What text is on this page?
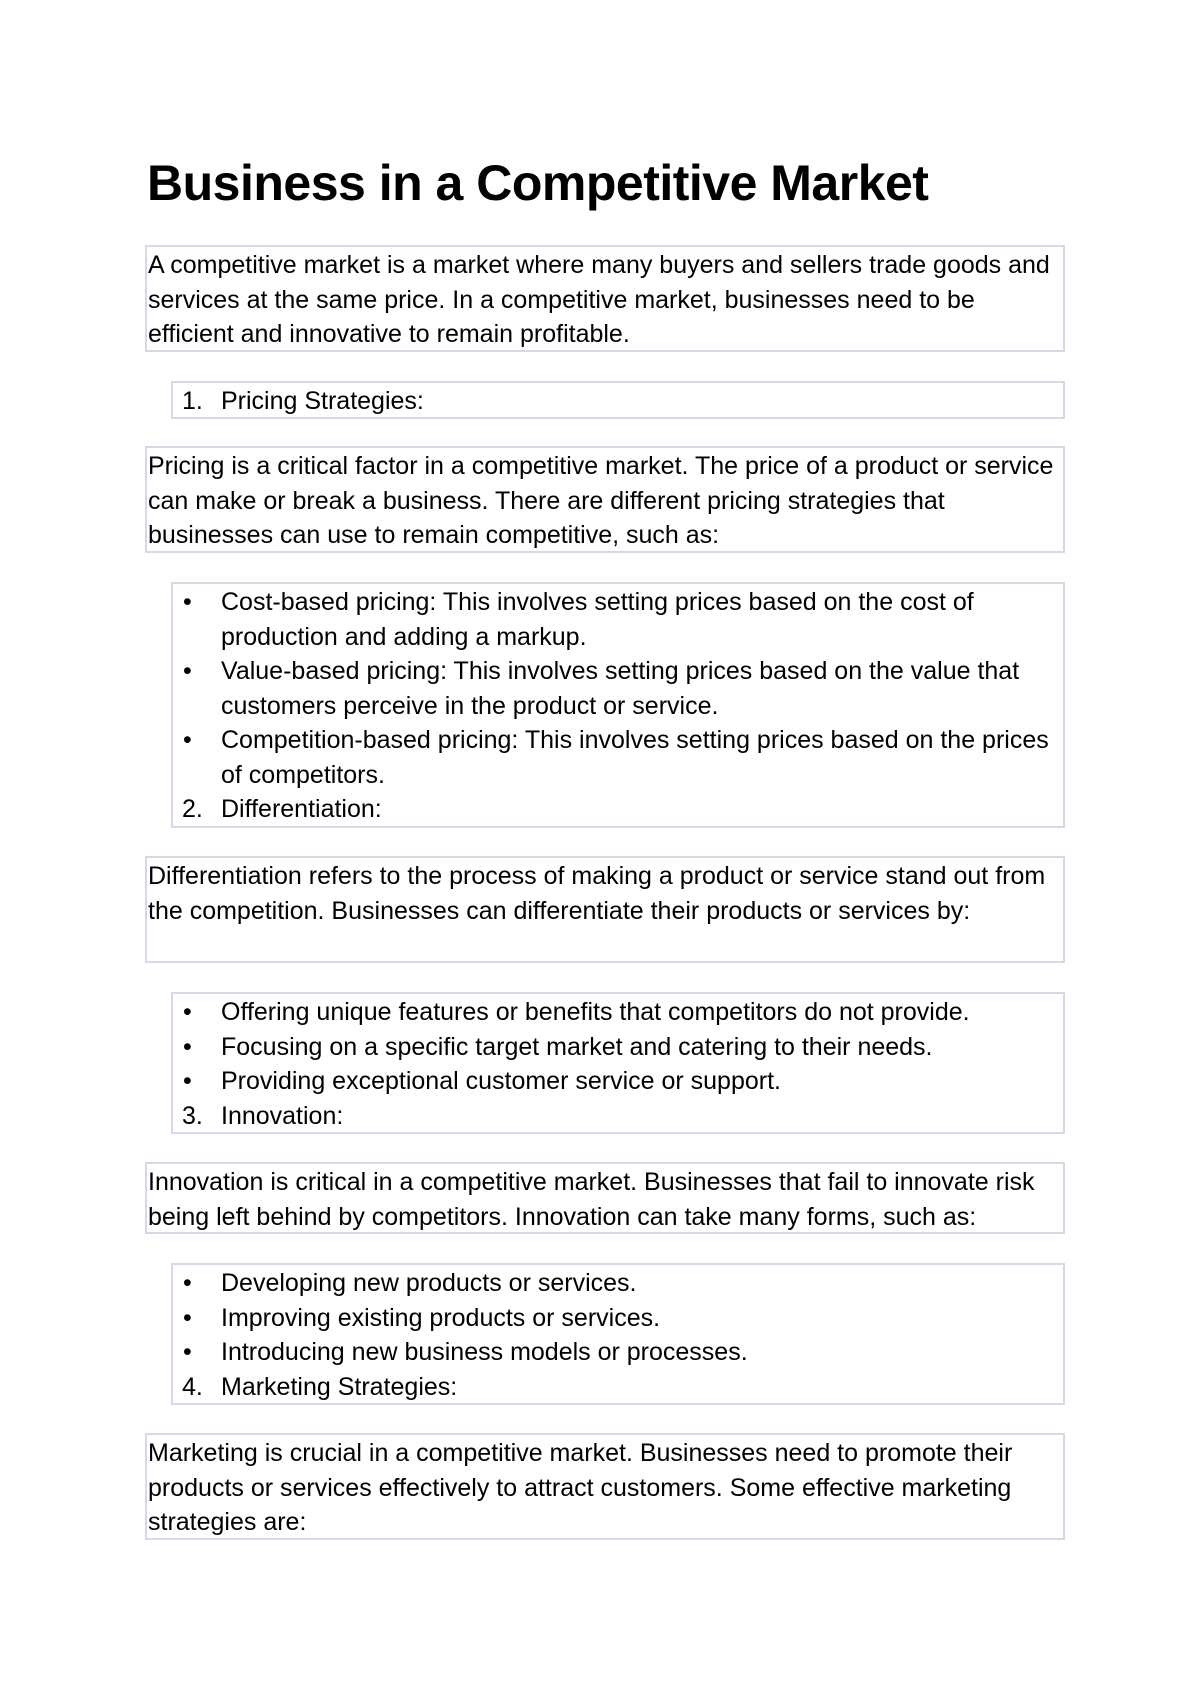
Business in a Competitive Market

A competitive market is a market where many buyers and sellers trade goods and services at the same price. In a competitive market, businesses need to be efficient and innovative to remain profitable.

1. Pricing Strategies:

Pricing is a critical factor in a competitive market. The price of a product or service can make or break a business. There are different pricing strategies that businesses can use to remain competitive, such as:

•	Cost-based pricing: This involves setting prices based on the cost of production and adding a markup.
•	Value-based pricing: This involves setting prices based on the value that customers perceive in the product or service.
•	Competition-based pricing: This involves setting prices based on the prices of competitors.
2. Differentiation:

Differentiation refers to the process of making a product or service stand out from the competition. Businesses can differentiate their products or services by:

•	Offering unique features or benefits that competitors do not provide.
•	Focusing on a specific target market and catering to their needs.
•	Providing exceptional customer service or support.
3. Innovation:

Innovation is critical in a competitive market. Businesses that fail to innovate risk being left behind by competitors. Innovation can take many forms, such as:

•	Developing new products or services.
•	Improving existing products or services.
•	Introducing new business models or processes.
4. Marketing Strategies:

Marketing is crucial in a competitive market. Businesses need to promote their products or services effectively to attract customers. Some effective marketing strategies are:
